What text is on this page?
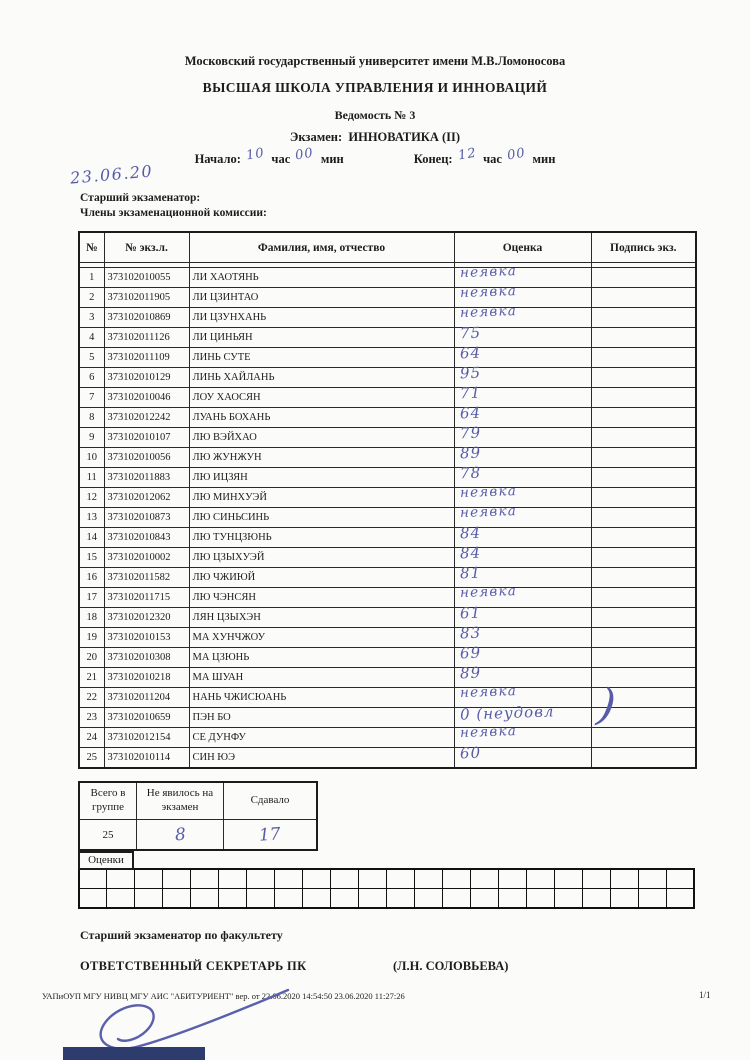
Московский государственный университет имени М.В.Ломоносова
ВЫСШАЯ ШКОЛА УПРАВЛЕНИЯ И ИННОВАЦИЙ
Ведомость № 3
Экзамен: ИННОВАТИКА (II)
Начало: 10 час 00 мин	Конец: 12 час 00 мин
23.06.20
Старший экзаменатор:
Члены экзаменационной комиссии:
№	№ экз.л.	Фамилия, имя, отчество	Оценка	Подпись экз.

1	373102010055	ЛИ ХАОТЯНЬ	неявка	

2	373102011905	ЛИ ЦЗИНТАО	неявка	

3	373102010869	ЛИ ЦЗУНХАНЬ	неявка	

4	373102011126	ЛИ ЦИНЬЯН	75	

5	373102011109	ЛИНЬ СУТЕ	64	

6	373102010129	ЛИНЬ ХАЙЛАНЬ	95	

7	373102010046	ЛОУ ХАОСЯН	71	

8	373102012242	ЛУАНЬ БОХАНЬ	64	

9	373102010107	ЛЮ ВЭЙХАО	79	

10	373102010056	ЛЮ ЖУНЖУН	89	

11	373102011883	ЛЮ ИЦЗЯН	78	

12	373102012062	ЛЮ МИНХУЭЙ	неявка	

13	373102010873	ЛЮ СИНЬСИНЬ	неявка	

14	373102010843	ЛЮ ТУНЦЗЮНЬ	84	

15	373102010002	ЛЮ ЦЗЫХУЭЙ	84	

16	373102011582	ЛЮ ЧЖИЮЙ	81	

17	373102011715	ЛЮ ЧЭНСЯН	неявка	

18	373102012320	ЛЯН ЦЗЫХЭН	61	

19	373102010153	МА ХУНЧЖОУ	83	

20	373102010308	МА ЦЗЮНЬ	69	

21	373102010218	МА ШУАН	89	

22	373102011204	НАНЬ ЧЖИСЮАНЬ	неявка	

23	373102010659	ПЭН БО	0 (неудовл	

24	373102012154	СЕ ДУНФУ	неявка	

25	373102010114	СИН ЮЭ	60	

)
Всего в группе	Не явилось на экзамен	Сдавало
25	8	17
Оценки

Старший экзаменатор по факультету
ОТВЕТСТВЕННЫЙ СЕКРЕТАРЬ ПК	(Л.Н. СОЛОВЬЕВА)
УАПиОУП МГУ НИВЦ МГУ АИС "АБИТУРИЕНТ" вер. от 22.06.2020 14:54:50 23.06.2020 11:27:26	1/1
